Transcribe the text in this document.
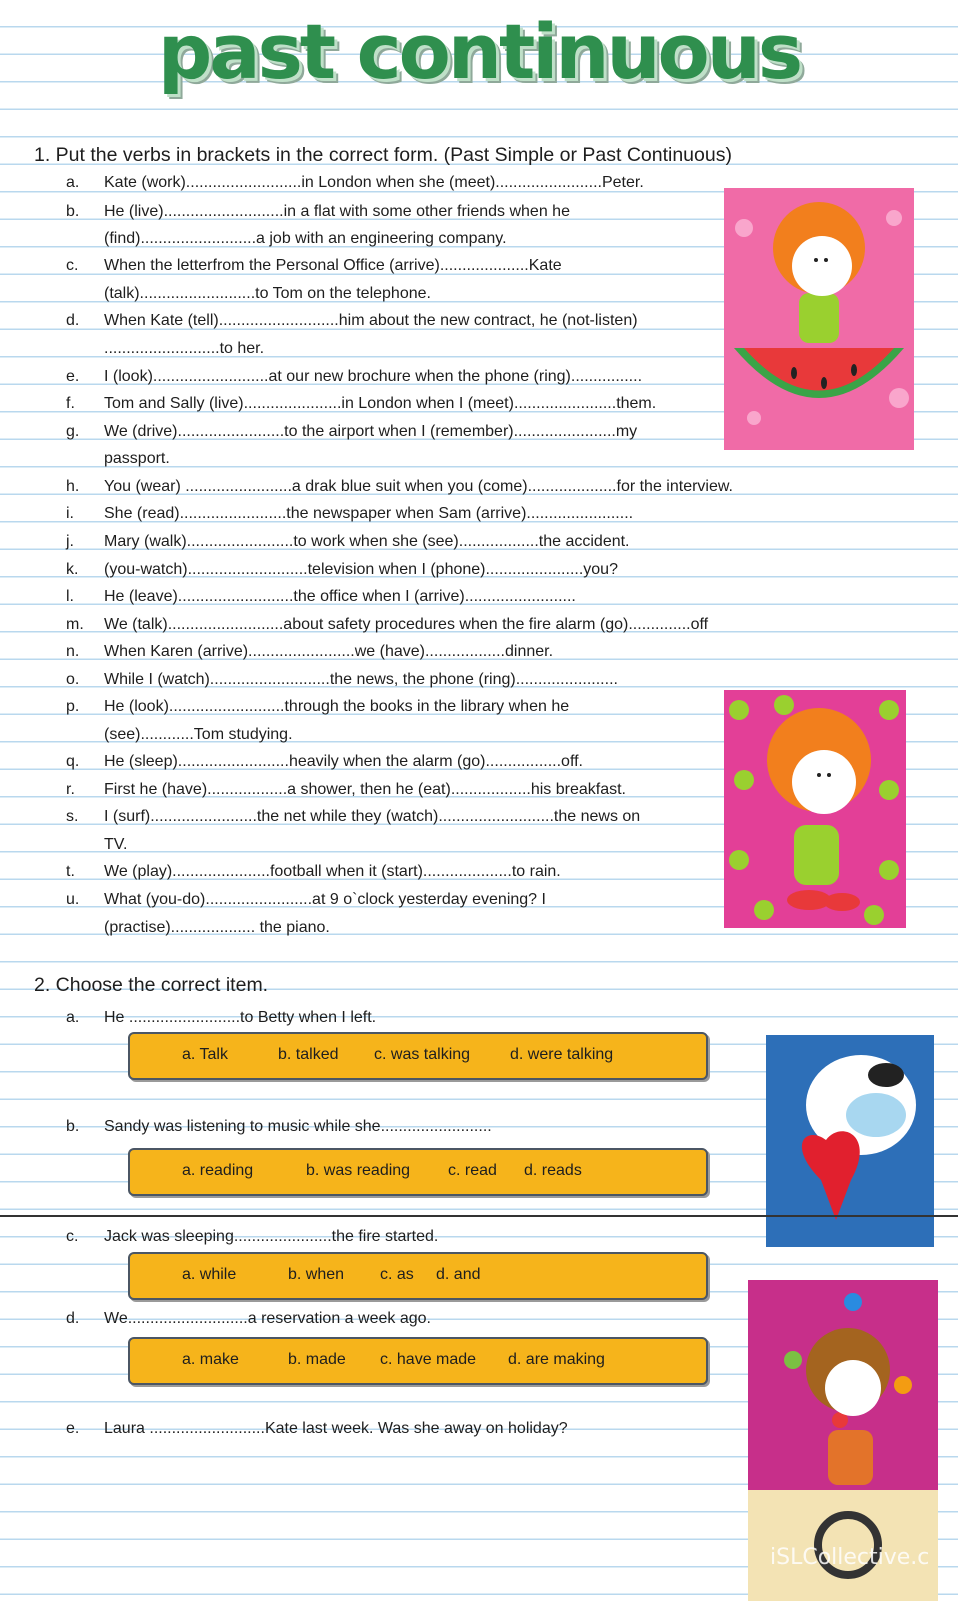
past continuous
1. Put the verbs in brackets in the correct form. (Past Simple or Past Continuous)
a. Kate (work)..........................in London when she (meet)........................Peter.
b. He (live)...........................in a flat with some other friends when he
(find)..........................a job with an engineering company.
c. When the letterfrom the Personal Office (arrive)....................Kate
(talk)..........................to Tom on the telephone.
d. When Kate (tell)...........................him about the new contract, he (not-listen)
..........................to her.
e. I (look)..........................at our new brochure when the phone (ring)................
f. Tom and Sally (live)......................in London when I (meet).......................them.
g. We (drive)........................to the airport when I (remember).......................my
passport.
h. You (wear) ........................a drak blue suit when you (come)....................for the interview.
i. She (read)........................the newspaper when Sam (arrive)........................
j. Mary (walk)........................to work when she (see)..................the accident.
k. (you-watch)...........................television when I (phone)......................you?
l. He (leave)..........................the office when I (arrive).........................
m. We (talk)..........................about safety procedures when the fire alarm (go)..............off
n. When Karen (arrive)........................we (have)..................dinner.
o. While I (watch)...........................the news, the phone (ring).......................
p. He (look)..........................through the books in the library when he
(see)............Tom studying.
q. He (sleep).........................heavily when the alarm (go).................off.
r. First he (have)..................a shower, then he (eat)..................his breakfast.
s. I (surf)........................the net while they (watch)..........................the news on
TV.
t. We (play)......................football when it (start)....................to rain.
u. What (you-do)........................at 9 o`clock yesterday evening? I
(practise)................... the piano.
2. Choose the correct item.
a. He .........................to Betty when I left.
a. Talk	b. talked c. was talking d. were talking
b. Sandy was listening to music while she.........................
a. reading	b. was reading c. read d. reads
c. Jack was sleeping......................the fire started.
a. while	b. when c. as d. and
d. We...........................a reservation a week ago.
a. make	b. made c. have made d. are making
e. Laura ..........................Kate last week. Was she away on holiday?
iSLCollective.c
